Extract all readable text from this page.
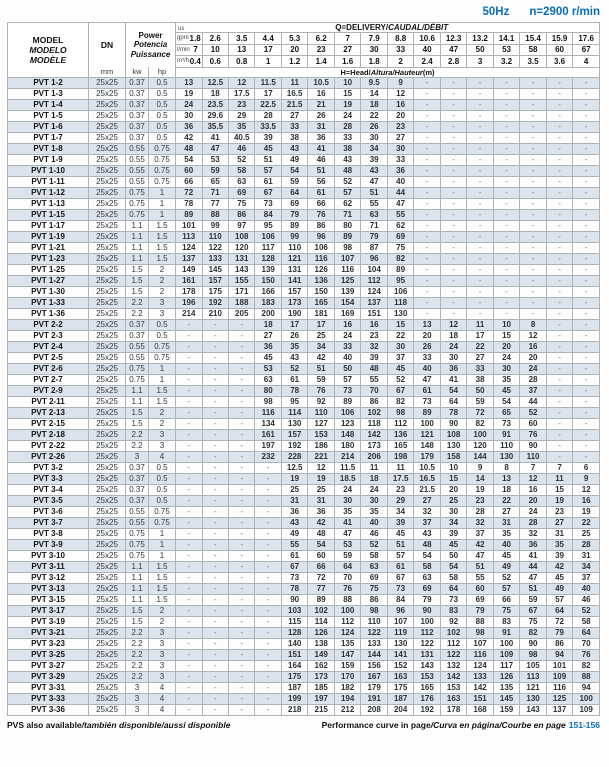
50Hz n=2900 r/min
MODEL
MODELO
MODÈLE
	DN	
Power
Potencia
Puissance

us	Q=DELIVERY/CAUDAL/DÉBIT

				gpm 1.8	2.6	3.5	4.4	5.3	6.2	7	7.9	8.8	10.6	12.3	13.2	14.1	15.4	15.9	17.6

				l/min 7	10	13	17	20	23	27	30	33	40	47	50	53	58	60	67

				m³/h 0.4	0.6	0.8	1	1.2	1.4	1.6	1.8	2	2.4	2.8	3	3.2	3.5	3.6	4
	mm	kw	hp	H=Head/Altura/Hauteur(m)															
PVT 1-2	25x25	0.37	0.5	13	12.5	12	11.5	11	10.5	10	9.5	9	-	-	-	-	-	-	-
PVT 1-3	25x25	0.37	0.5	19	18	17.5	17	16.5	16	15	14	12	-	-	-	-	-	-	-
PVT 1-4	25x25	0.37	0.5	24	23.5	23	22.5	21.5	21	19	18	16	-	-	-	-	-	-	-
PVT 1-5	25x25	0.37	0.5	30	29.6	29	28	27	26	24	22	20	-	-	-	-	-	-	-
PVT 1-6	25x25	0.37	0.5	36	35.5	35	33.5	33	31	28	26	23	-	-	-	-	-	-	-
PVT 1-7	25x25	0.37	0.5	42	41	40.5	39	38	36	33	30	27	-	-	-	-	-	-	-
PVT 1-8	25x25	0.55	0.75	48	47	46	45	43	41	38	34	30	-	-	-	-	-	-	-
PVT 1-9	25x25	0.55	0.75	54	53	52	51	49	46	43	39	33	-	-	-	-	-	-	-
PVT 1-10	25x25	0.55	0.75	60	59	58	57	54	51	48	43	36	-	-	-	-	-	-	-
PVT 1-11	25x25	0.55	0.75	66	65	63	61	59	56	52	47	40	-	-	-	-	-	-	-
PVT 1-12	25x25	0.75	1	72	71	69	67	64	61	57	51	44	-	-	-	-	-	-	-
PVT 1-13	25x25	0.75	1	78	77	75	73	69	66	62	55	47	-	-	-	-	-	-	-
PVT 1-15	25x25	0.75	1	89	88	86	84	79	76	71	63	55	-	-	-	-	-	-	-
PVT 1-17	25x25	1.1	1.5	101	99	97	95	89	86	80	71	62	-	-	-	-	-	-	-
PVT 1-19	25x25	1.1	1.5	113	110	108	106	99	96	89	79	69	-	-	-	-	-	-	-
PVT 1-21	25x25	1.1	1.5	124	122	120	117	110	106	98	87	75	-	-	-	-	-	-	-
PVT 1-23	25x25	1.1	1.5	137	133	131	128	121	116	107	96	82	-	-	-	-	-	-	-
PVT 1-25	25x25	1.5	2	149	145	143	139	131	126	116	104	89	-	-	-	-	-	-	-
PVT 1-27	25x25	1.5	2	161	157	155	150	141	136	125	112	95	-	-	-	-	-	-	-
PVT 1-30	25x25	1.5	2	178	175	171	166	157	150	139	124	106	-	-	-	-	-	-	-
PVT 1-33	25x25	2.2	3	196	192	188	183	173	165	154	137	118	-	-	-	-	-	-	-
PVT 1-36	25x25	2.2	3	214	210	205	200	190	181	169	151	130	-	-	-	-	-	-	-
PVT 2-2	25x25	0.37	0.5	-	-	-	18	17	17	16	16	15	13	12	11	10	8	-	-
PVT 2-3	25x25	0.37	0.5	-	-	-	27	26	25	24	23	22	20	18	17	15	12	-	-
PVT 2-4	25x25	0.55	0.75	-	-	-	36	35	34	33	32	30	26	24	22	20	16	-	-
PVT 2-5	25x25	0.55	0.75	-	-	-	45	43	42	40	39	37	33	30	27	24	20	-	-
PVT 2-6	25x25	0.75	1	-	-	-	53	52	51	50	48	45	40	36	33	30	24	-	-
PVT 2-7	25x25	0.75	1	-	-	-	63	61	59	57	55	52	47	41	38	35	28	-	-
PVT 2-9	25x25	1.1	1.5	-	-	-	80	78	76	73	70	67	61	54	50	45	37	-	-
PVT 2-11	25x25	1.1	1.5	-	-	-	98	95	92	89	86	82	73	64	59	54	44	-	-
PVT 2-13	25x25	1.5	2	-	-	-	116	114	110	106	102	98	89	78	72	65	52	-	-
PVT 2-15	25x25	1.5	2	-	-	-	134	130	127	123	118	112	100	90	82	73	60	-	-
PVT 2-18	25x25	2.2	3	-	-	-	161	157	153	148	142	136	121	108	100	91	76	-	-
PVT 2-22	25x25	2.2	3	-	-	-	197	192	186	180	173	165	148	130	120	110	90	-	-
PVT 2-26	25x25	3	4	-	-	-	232	228	221	214	206	198	179	158	144	130	110	-	-
PVT 3-2	25x25	0.37	0.5	-	-	-	-	12.5	12	11.5	11	11	10.5	10	9	8	7	7	6
PVT 3-3	25x25	0.37	0.5	-	-	-	-	19	19	18.5	18	17.5	16.5	15	14	13	12	11	9
PVT 3-4	25x25	0.37	0.5	-	-	-	-	25	25	24	24	23	21.5	20	19	18	16	15	12
PVT 3-5	25x25	0.37	0.5	-	-	-	-	31	31	30	30	29	27	25	23	22	20	19	16
PVT 3-6	25x25	0.55	0.75	-	-	-	-	36	36	35	35	34	32	30	28	27	24	23	19
PVT 3-7	25x25	0.55	0.75	-	-	-	-	43	42	41	40	39	37	34	32	31	28	27	22
PVT 3-8	25x25	0.75	1	-	-	-	-	49	48	47	46	45	43	39	37	35	32	31	25
PVT 3-9	25x25	0.75	1	-	-	-	-	55	54	53	52	51	48	45	42	40	36	35	28
PVT 3-10	25x25	0.75	1	-	-	-	-	61	60	59	58	57	54	50	47	45	41	39	31
PVT 3-11	25x25	1.1	1.5	-	-	-	-	67	66	64	63	61	58	54	51	49	44	42	34
PVT 3-12	25x25	1.1	1.5	-	-	-	-	73	72	70	69	67	63	58	55	52	47	45	37
PVT 3-13	25x25	1.1	1.5	-	-	-	-	78	77	76	75	73	69	64	60	57	51	49	40
PVT 3-15	25x25	1.1	1.5	-	-	-	-	90	89	88	86	84	79	73	69	66	59	57	46
PVT 3-17	25x25	1.5	2	-	-	-	-	103	102	100	98	96	90	83	79	75	67	64	52
PVT 3-19	25x25	1.5	2	-	-	-	-	115	114	112	110	107	100	92	88	83	75	72	58
PVT 3-21	25x25	2.2	3	-	-	-	-	128	126	124	122	119	112	102	98	91	82	79	64
PVT 3-23	25x25	2.2	3	-	-	-	-	140	138	135	133	130	122	112	107	100	90	86	70
PVT 3-25	25x25	2.2	3	-	-	-	-	151	149	147	144	141	131	122	116	109	98	94	76
PVT 3-27	25x25	2.2	3	-	-	-	-	164	162	159	156	152	143	132	124	117	105	101	82
PVT 3-29	25x25	2.2	3	-	-	-	-	175	173	170	167	163	153	142	133	126	113	109	88
PVT 3-31	25x25	3	4	-	-	-	-	187	185	182	179	175	165	153	142	135	121	116	94
PVT 3-33	25x25	3	4	-	-	-	-	199	197	194	191	187	176	163	151	145	130	125	100
PVT 3-36	25x25	3	4	-	-	-	-	218	215	212	208	204	192	178	168	159	143	137	109
PVS also available/también disponible/aussi disponible	Performance curve in page/Curva en página/Courbe en page 151-156
